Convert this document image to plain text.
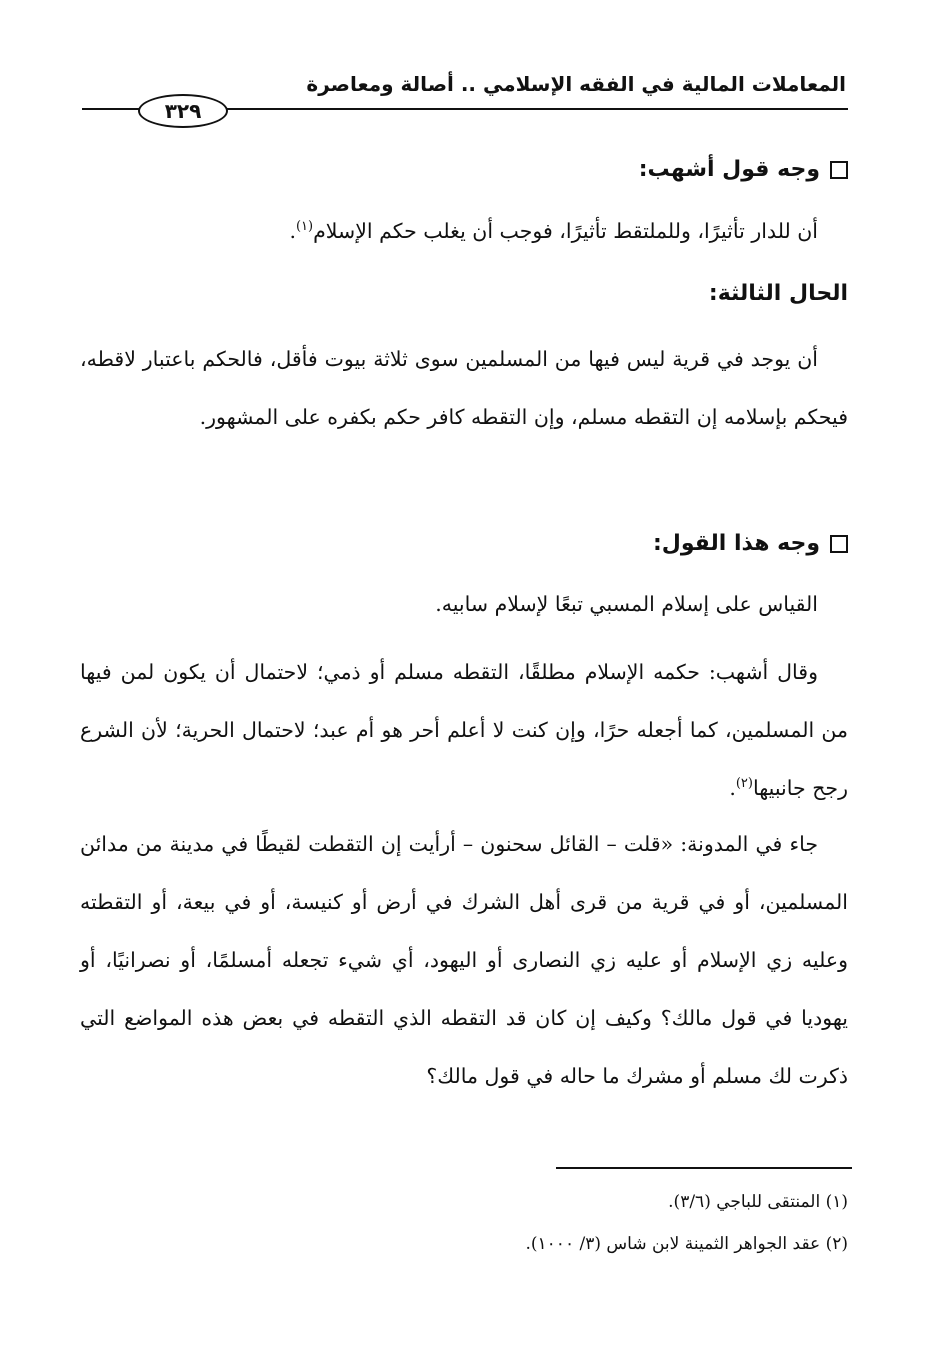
المعاملات المالية في الفقه الإسلامي .. أصالة ومعاصرة
٣٢٩
وجه قول أشهب:
أن للدار تأثيرًا، وللملتقط تأثيرًا، فوجب أن يغلب حكم الإسلام$^{(١)}$.
الحال الثالثة:
أن يوجد في قرية ليس فيها من المسلمين سوى ثلاثة بيوت فأقل، فالحكم باعتبار لاقطه، فيحكم بإسلامه إن التقطه مسلم، وإن التقطه كافر حكم بكفره على المشهور.
وجه هذا القول:
القياس على إسلام المسبي تبعًا لإسلام سابيه.
وقال أشهب: حكمه الإسلام مطلقًا، التقطه مسلم أو ذمي؛ لاحتمال أن يكون لمن فيها من المسلمين، كما أجعله حرًا، وإن كنت لا أعلم أحر هو أم عبد؛ لاحتمال الحرية؛ لأن الشرع رجح جانبيها$^{(٢)}$.
جاء في المدونة: «قلت – القائل سحنون – أرأيت إن التقطت لقيطًا في مدينة من مدائن المسلمين، أو في قرية من قرى أهل الشرك في أرض أو كنيسة، أو في بيعة، أو التقطته وعليه زي الإسلام أو عليه زي النصارى أو اليهود، أي شيء تجعله أمسلمًا، أو نصرانيًا، أو يهوديا في قول مالك؟ وكيف إن كان قد التقطه الذي التقطه في بعض هذه المواضع التي ذكرت لك مسلم أو مشرك ما حاله في قول مالك؟
(١) المنتقى للباجي (٣/٦).
(٢) عقد الجواهر الثمينة لابن شاس (٣/ ١٠٠٠).
